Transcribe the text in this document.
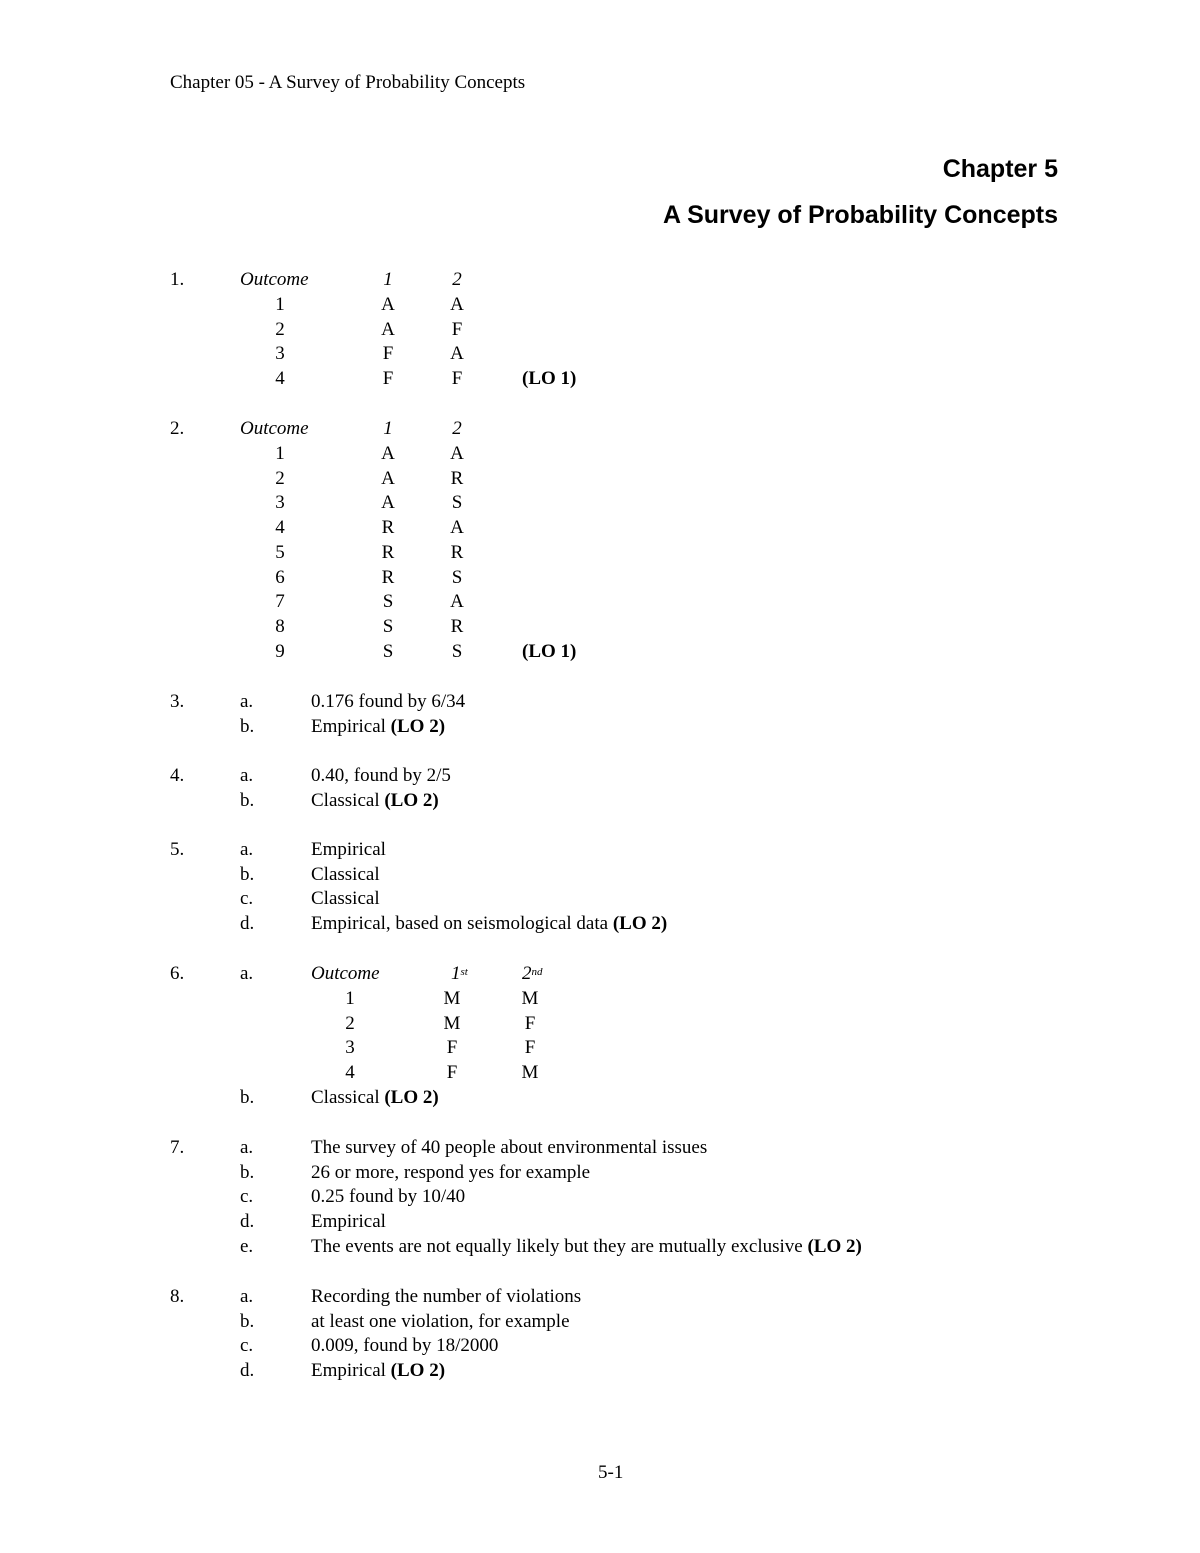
Chapter 05 - A Survey of Probability Concepts
Chapter 5
A Survey of Probability Concepts
1.	Outcome	1	2
1	A	A
2	A	F
3	F	A
4	F	F	(LO 1)
2.	Outcome	1	2
1	A	A
2	A	R
3	A	S
4	R	A
5	R	R
6	R	S
7	S	A
8	S	R
9	S	S	(LO 1)
3.	a.	0.176 found by 6/34
b.	Empirical (LO 2)
4.	a.	0.40, found by 2/5
b.	Classical (LO 2)
5.	a.	Empirical
b.	Classical
c.	Classical
d.	Empirical, based on seismological data (LO 2)
7.	a.	The survey of 40 people about environmental issues
b.	26 or more, respond yes for example
c.	0.25 found by 10/40
d.	Empirical
e.	The events are not equally likely but they are mutually exclusive (LO 2)
8.	a.	Recording the number of violations
b.	at least one violation, for example
c.	0.009, found by 18/2000
d.	Empirical (LO 2)
6.	a.	Outcome	1st	2nd
1	M	M
2	M	F
3	F	F
4	F	M
b.	Classical (LO 2)
5-1
